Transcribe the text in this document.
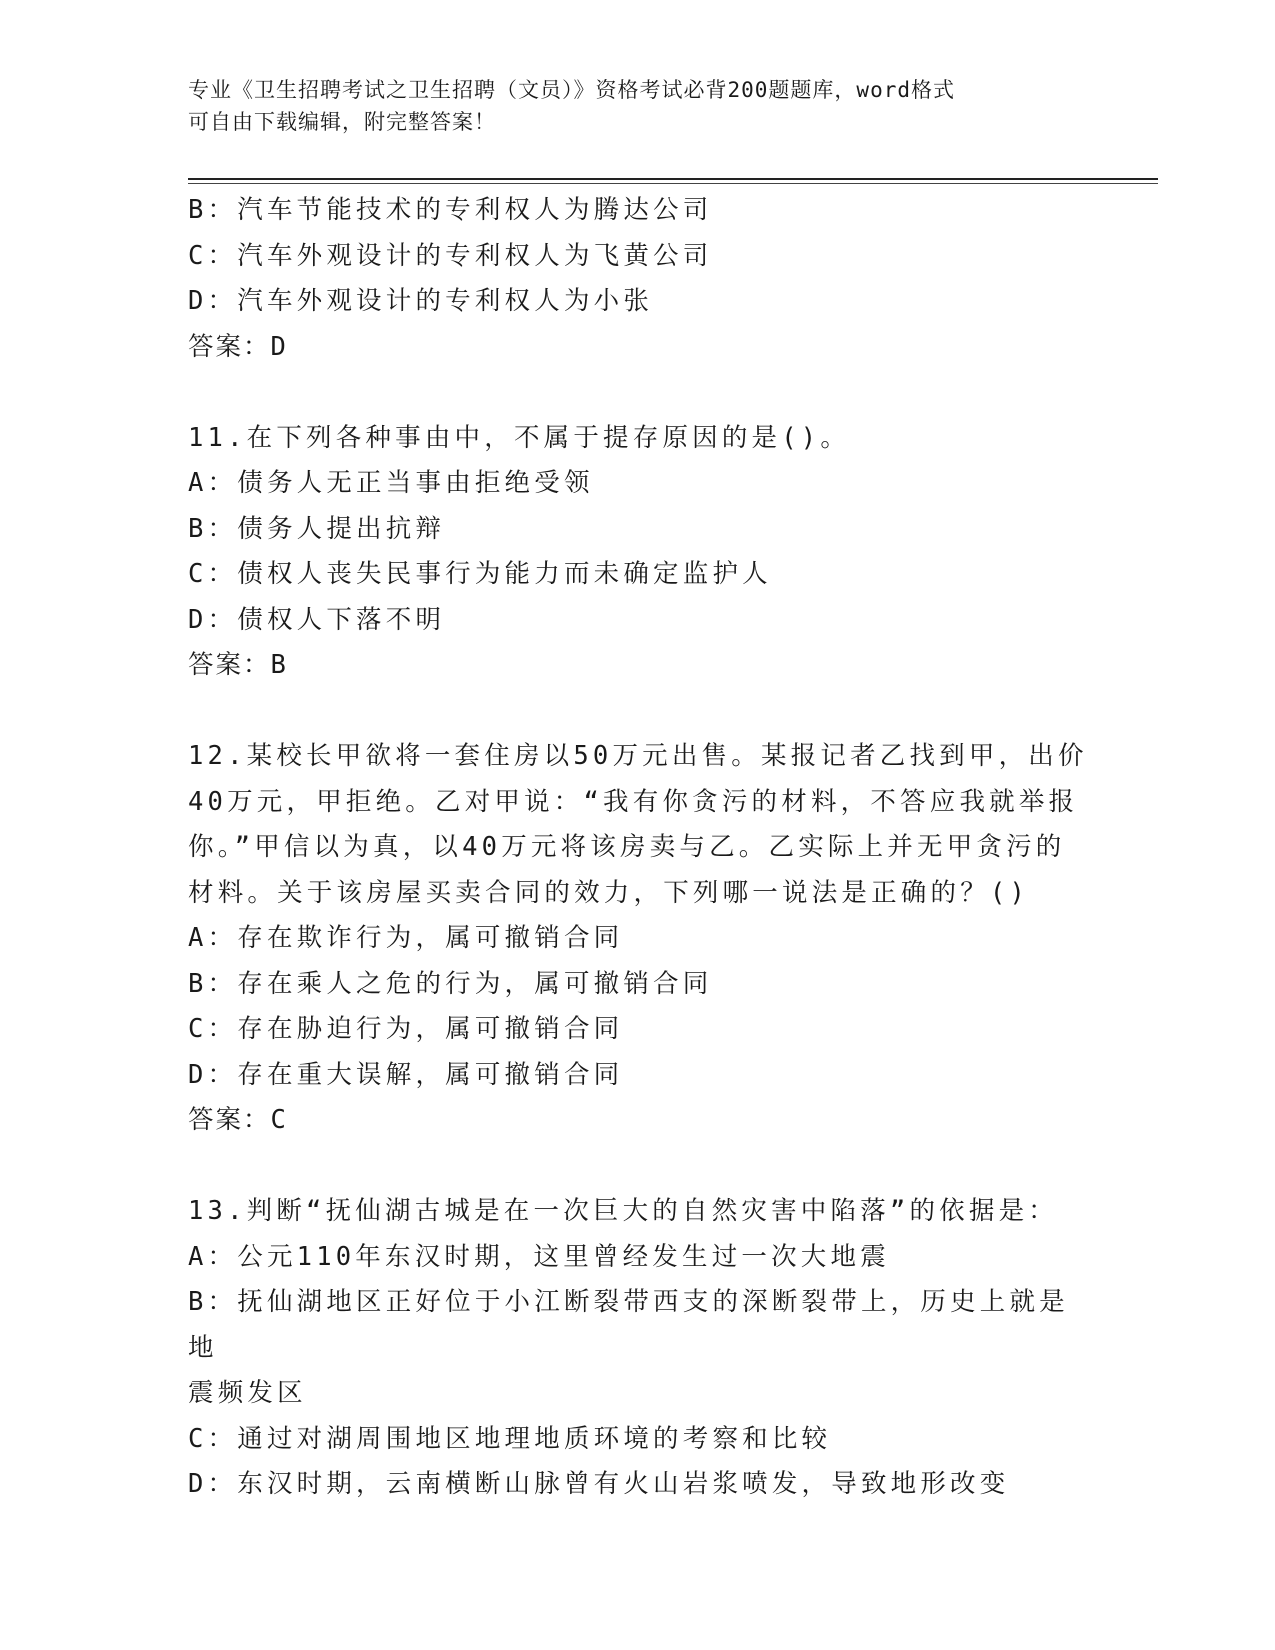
专业《卫生招聘考试之卫生招聘（文员）》资格考试必背200题题库，word格式
可自由下载编辑，附完整答案！
B：汽车节能技术的专利权人为腾达公司
C：汽车外观设计的专利权人为飞黄公司
D：汽车外观设计的专利权人为小张
答案：D
11.在下列各种事由中，不属于提存原因的是()。
A：债务人无正当事由拒绝受领
B：债务人提出抗辩
C：债权人丧失民事行为能力而未确定监护人
D：债权人下落不明
答案：B
12.某校长甲欲将一套住房以50万元出售。某报记者乙找到甲，出价
40万元，甲拒绝。乙对甲说：“我有你贪污的材料，不答应我就举报
你。”甲信以为真，以40万元将该房卖与乙。乙实际上并无甲贪污的
材料。关于该房屋买卖合同的效力，下列哪一说法是正确的？()
A：存在欺诈行为，属可撤销合同
B：存在乘人之危的行为，属可撤销合同
C：存在胁迫行为，属可撤销合同
D：存在重大误解，属可撤销合同
答案：C
13.判断“抚仙湖古城是在一次巨大的自然灾害中陷落”的依据是：
A：公元110年东汉时期，这里曾经发生过一次大地震
B：抚仙湖地区正好位于小江断裂带西支的深断裂带上，历史上就是地
震频发区
C：通过对湖周围地区地理地质环境的考察和比较
D：东汉时期，云南横断山脉曾有火山岩浆喷发，导致地形改变
